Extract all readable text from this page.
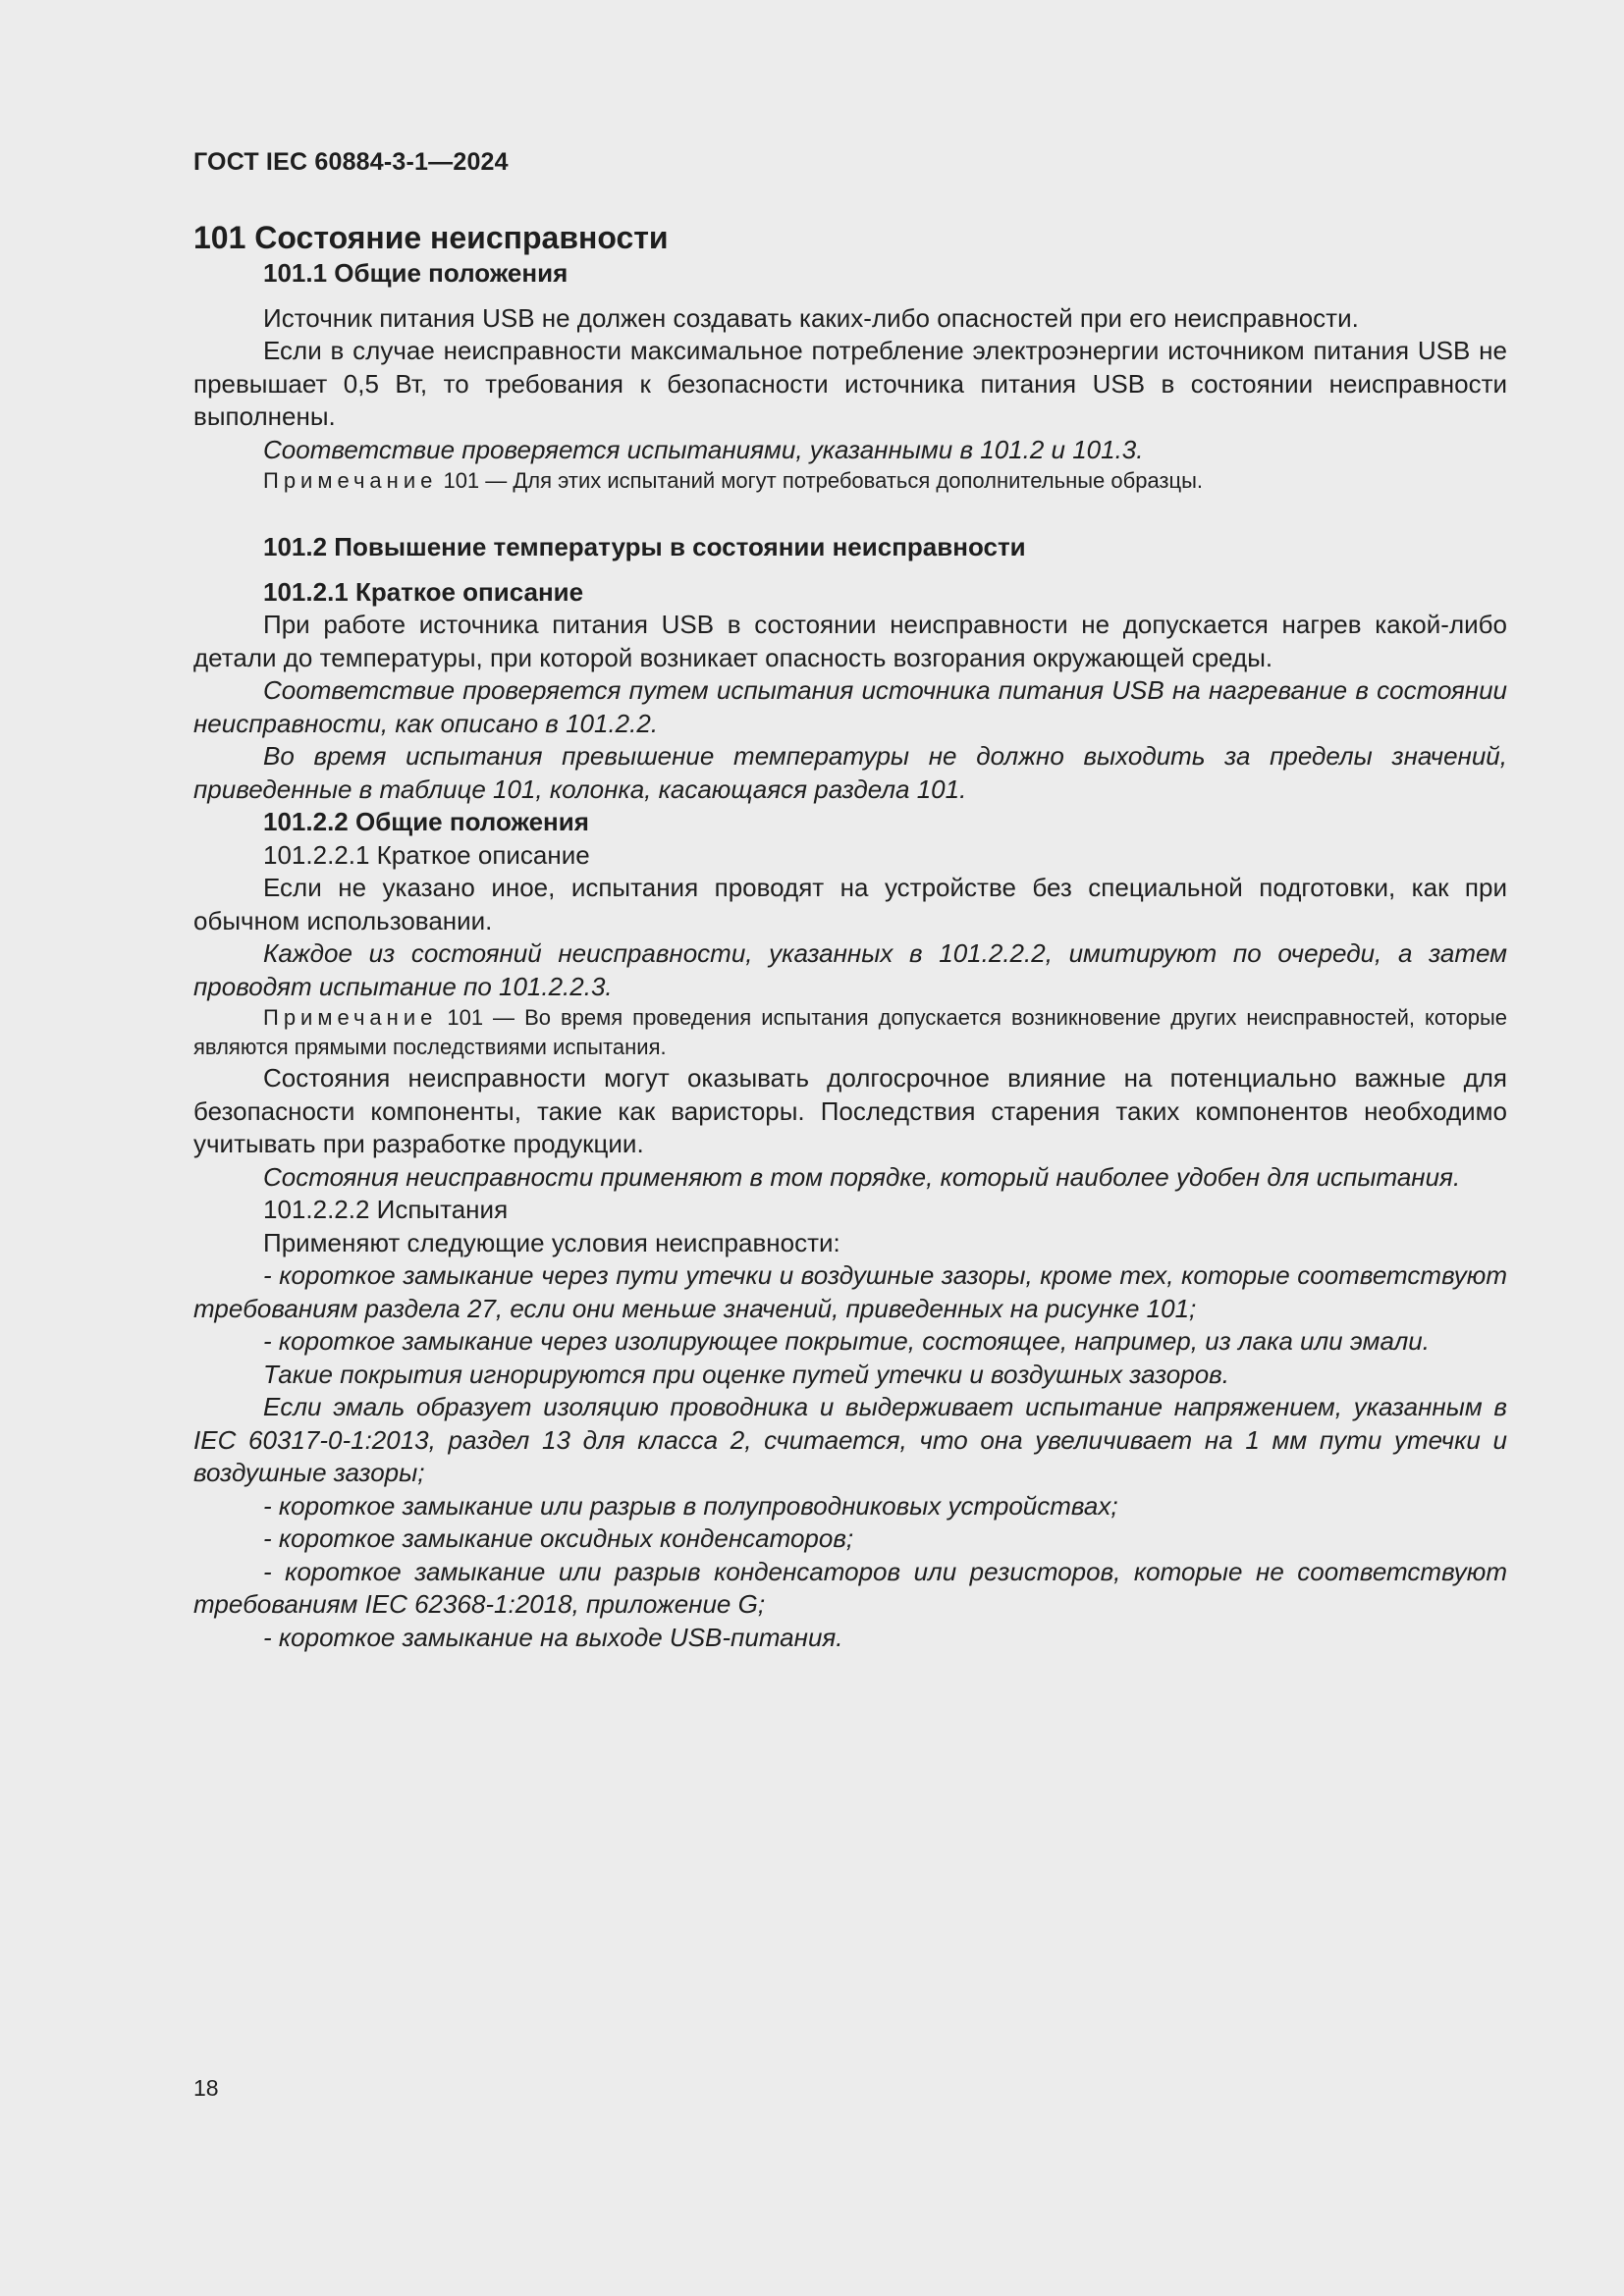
ГОСТ IEC 60884-3-1—2024

101 Состояние неисправности

101.1 Общие положения

Источник питания USB не должен создавать каких-либо опасностей при его неисправности.

Если в случае неисправности максимальное потребление электроэнергии источником питания USB не превышает 0,5 Вт, то требования к безопасности источника питания USB в состоянии неисправности выполнены.

Соответствие проверяется испытаниями, указанными в 101.2 и 101.3.

Примечание 101 — Для этих испытаний могут потребоваться дополнительные образцы.

101.2 Повышение температуры в состоянии неисправности

101.2.1 Краткое описание

При работе источника питания USB в состоянии неисправности не допускается нагрев какой-либо детали до температуры, при которой возникает опасность возгорания окружающей среды.

Соответствие проверяется путем испытания источника питания USB на нагревание в состоянии неисправности, как описано в 101.2.2.

Во время испытания превышение температуры не должно выходить за пределы значений, приведенные в таблице 101, колонка, касающаяся раздела 101.

101.2.2 Общие положения

101.2.2.1 Краткое описание

Если не указано иное, испытания проводят на устройстве без специальной подготовки, как при обычном использовании.

Каждое из состояний неисправности, указанных в 101.2.2.2, имитируют по очереди, а затем проводят испытание по 101.2.2.3.

Примечание 101 — Во время проведения испытания допускается возникновение других неисправностей, которые являются прямыми последствиями испытания.

Состояния неисправности могут оказывать долгосрочное влияние на потенциально важные для безопасности компоненты, такие как варисторы. Последствия старения таких компонентов необходимо учитывать при разработке продукции.

Состояния неисправности применяют в том порядке, который наиболее удобен для испытания.

101.2.2.2 Испытания

Применяют следующие условия неисправности:

- короткое замыкание через пути утечки и воздушные зазоры, кроме тех, которые соответствуют требованиям раздела 27, если они меньше значений, приведенных на рисунке 101;

- короткое замыкание через изолирующее покрытие, состоящее, например, из лака или эмали.

Такие покрытия игнорируются при оценке путей утечки и воздушных зазоров.

Если эмаль образует изоляцию проводника и выдерживает испытание напряжением, указанным в IEC 60317-0-1:2013, раздел 13 для класса 2, считается, что она увеличивает на 1 мм пути утечки и воздушные зазоры;

- короткое замыкание или разрыв в полупроводниковых устройствах;

- короткое замыкание оксидных конденсаторов;

- короткое замыкание или разрыв конденсаторов или резисторов, которые не соответствуют требованиям IEC 62368-1:2018, приложение G;

- короткое замыкание на выходе USB-питания.

18
